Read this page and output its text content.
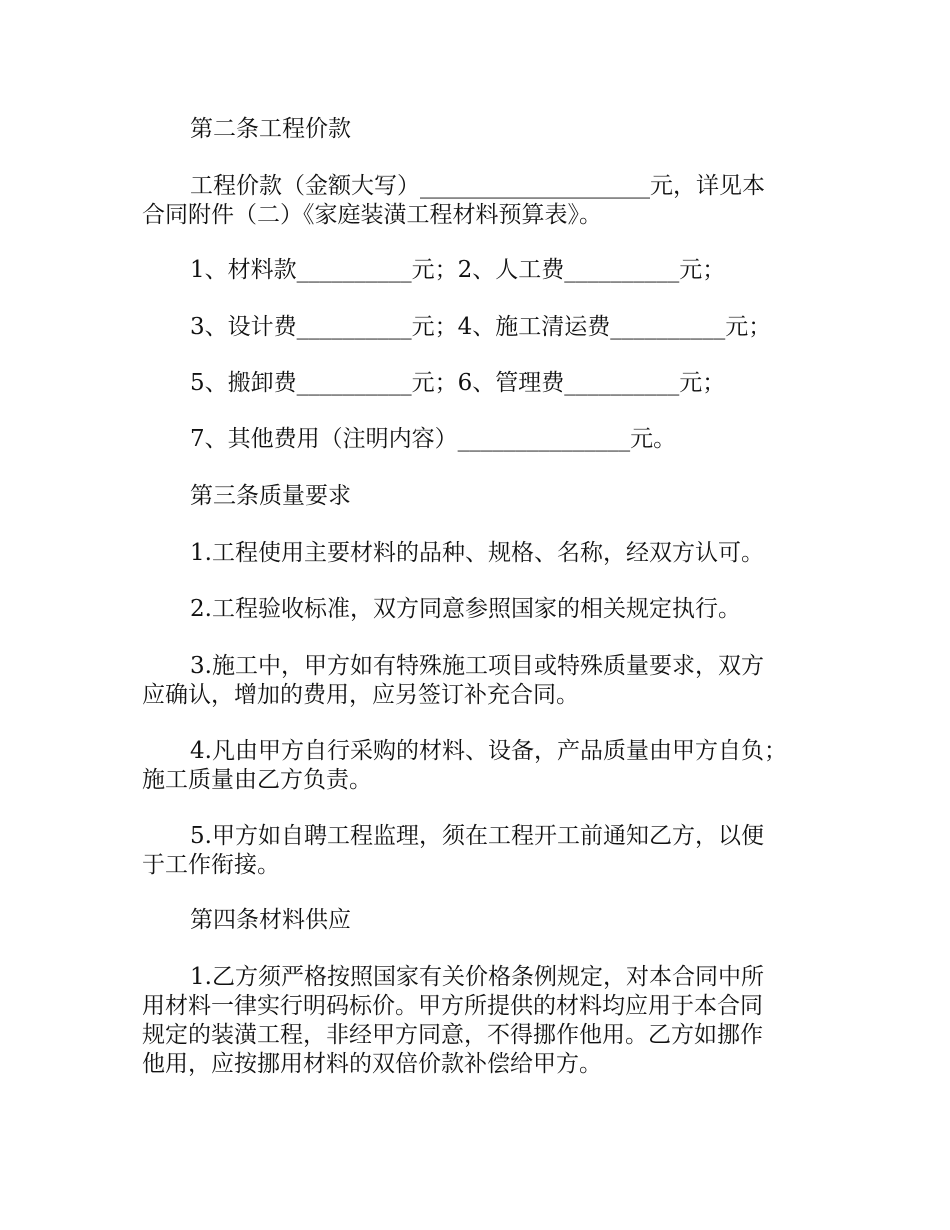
第二条工程价款
工程价款（金额大写）____________________元，详见本
合同附件（二）《家庭装潢工程材料预算表》。
1、材料款__________元；2、人工费__________元；
3、设计费__________元；4、施工清运费__________元；
5、搬卸费__________元；6、管理费__________元；
7、其他费用（注明内容）_______________元。
第三条质量要求
1.工程使用主要材料的品种、规格、名称，经双方认可。
2.工程验收标准，双方同意参照国家的相关规定执行。
3.施工中，甲方如有特殊施工项目或特殊质量要求，双方
应确认，增加的费用，应另签订补充合同。
4.凡由甲方自行采购的材料、设备，产品质量由甲方自负；
施工质量由乙方负责。
5.甲方如自聘工程监理，须在工程开工前通知乙方，以便
于工作衔接。
第四条材料供应
1.乙方须严格按照国家有关价格条例规定，对本合同中所
用材料一律实行明码标价。甲方所提供的材料均应用于本合同
规定的装潢工程，非经甲方同意，不得挪作他用。乙方如挪作
他用，应按挪用材料的双倍价款补偿给甲方。
